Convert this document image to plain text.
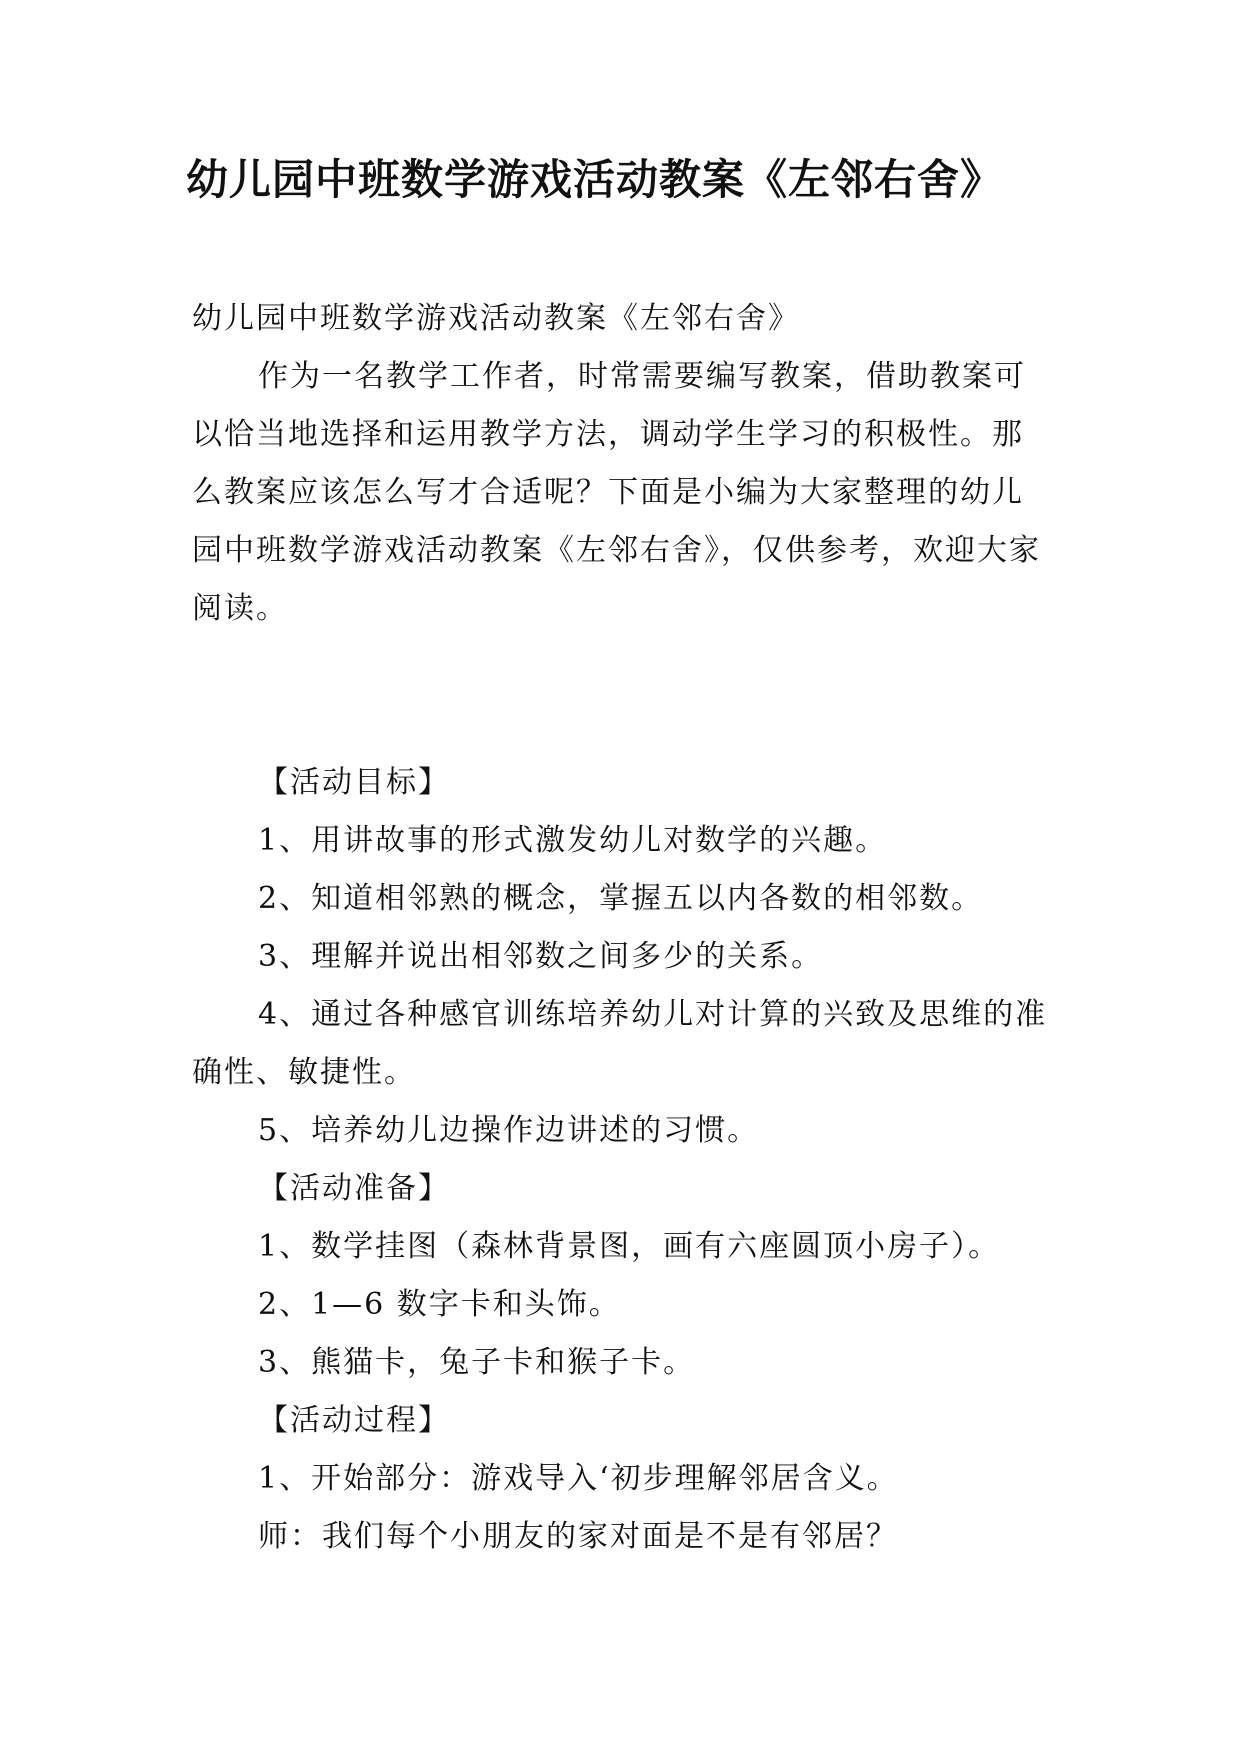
幼儿园中班数学游戏活动教案《左邻右舍》

幼儿园中班数学游戏活动教案《左邻右舍》

作为一名教学工作者，时常需要编写教案，借助教案可以恰当地选择和运用教学方法，调动学生学习的积极性。那么教案应该怎么写才合适呢？下面是小编为大家整理的幼儿园中班数学游戏活动教案《左邻右舍》，仅供参考，欢迎大家阅读。

【活动目标】

1、用讲故事的形式激发幼儿对数学的兴趣。

2、知道相邻熟的概念，掌握五以内各数的相邻数。

3、理解并说出相邻数之间多少的关系。

4、通过各种感官训练培养幼儿对计算的兴致及思维的准确性、敏捷性。

5、培养幼儿边操作边讲述的习惯。

【活动准备】

1、数学挂图（森林背景图，画有六座圆顶小房子）。

2、1—6 数字卡和头饰。

3、熊猫卡，兔子卡和猴子卡。

【活动过程】

1、开始部分：游戏导入‘初步理解邻居含义。

师：我们每个小朋友的家对面是不是有邻居？
